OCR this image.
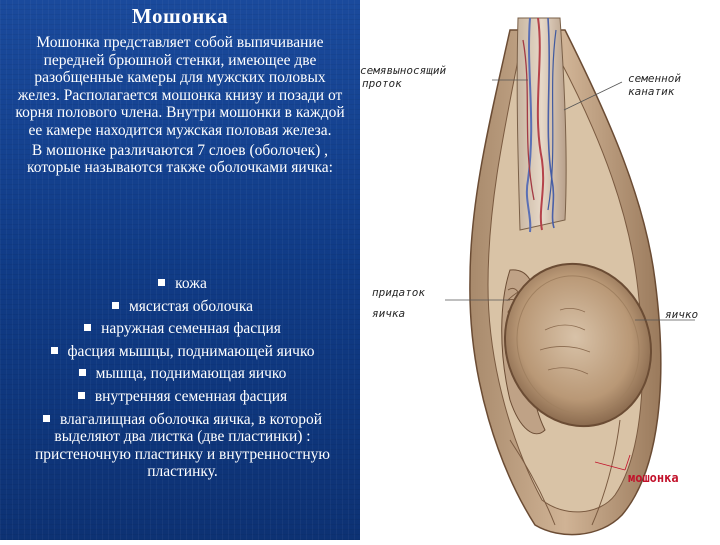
Мошонка

Мошонка представляет собой выпячивание передней брюшной стенки, имеющее две разобщенные камеры для мужских половых желез. Располагается мошонка книзу и позади от корня полового члена. Внутри мошонки в каждой ее камере находится мужская половая железа.

В мошонке различаются 7 слоев (оболочек) , которые называются также оболочками яичка:

кожа
мясистая оболочка
наружная семенная фасция
фасция мышцы, поднимающей яичко
мышца, поднимающая яичко
внутренняя семенная фасция
влагалищная оболочка яичка, в которой выделяют два листка (две пластинки) : пристеночную пластинку и внутренностную пластинку.
семявыносящий
проток	семенной
канатик
придаток
яичка	яичко
мошонка
